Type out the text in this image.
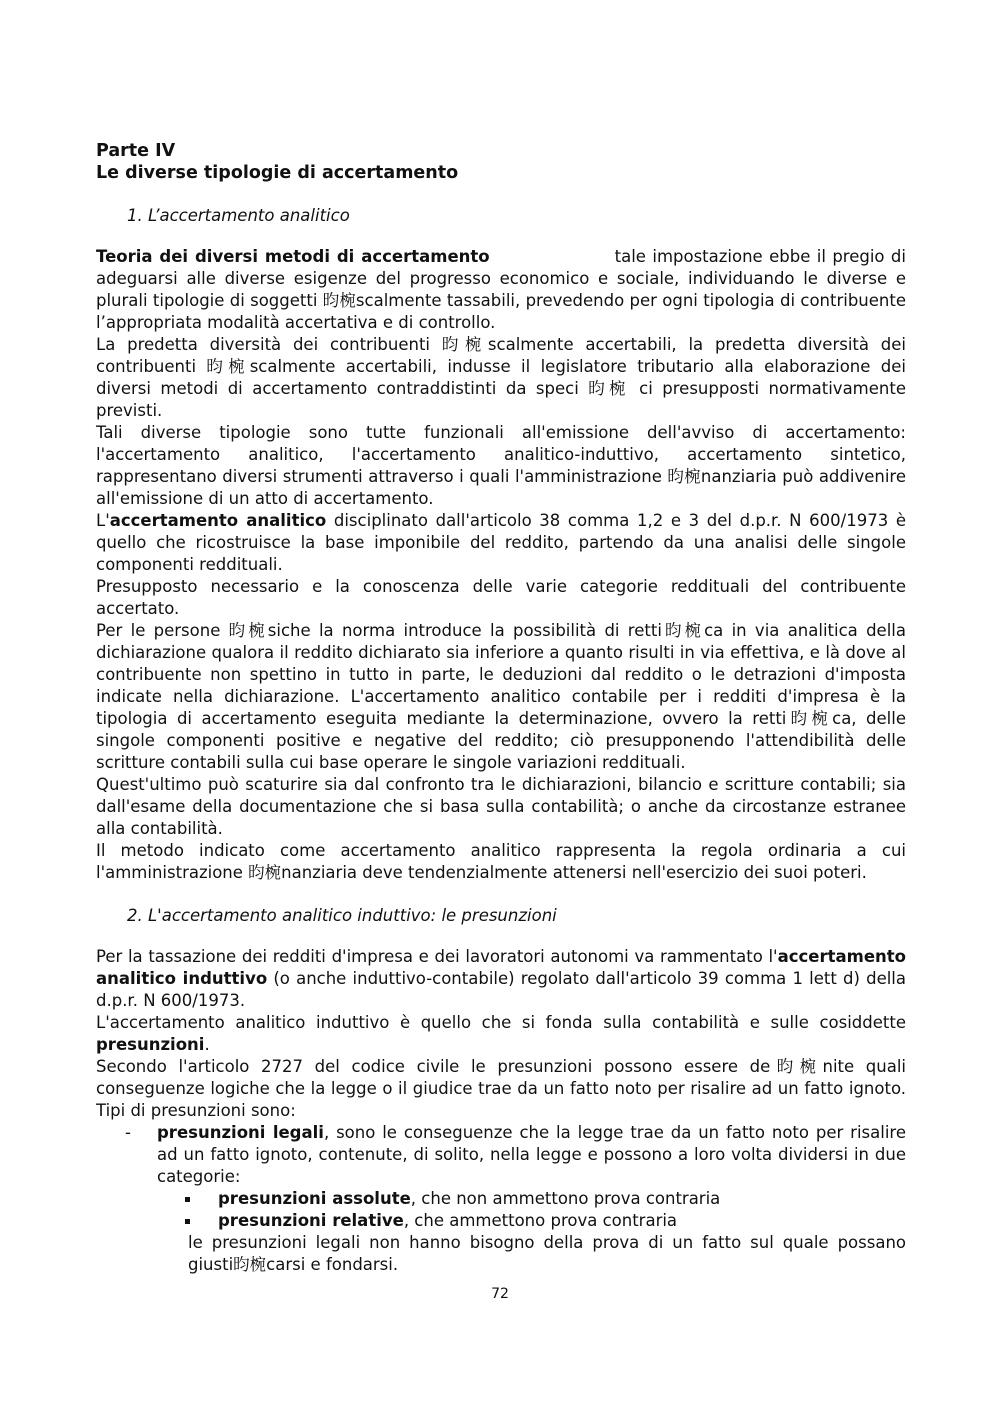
Parte IV

Le diverse tipologie di accertamento

1. L’accertamento analitico

Teoria dei diversi metodi di accertamento	tale impostazione ebbe il pregio di adeguarsi alle diverse esigenze del progresso economico e sociale, individuando le diverse e plurali tipologie di soggetti 昀椀scalmente tassabili, prevedendo per ogni tipologia di contribuente l’appropriata modalità accertativa e di controllo.

La predetta diversità dei contribuenti 昀椀scalmente accertabili, la predetta diversità dei contribuenti 昀椀scalmente accertabili, indusse il legislatore tributario alla elaborazione dei diversi metodi di accertamento contraddistinti da speci 昀椀 ci presupposti normativamente previsti.

Tali diverse tipologie sono tutte funzionali all'emissione dell'avviso di accertamento: l'accertamento analitico, l'accertamento analitico-induttivo, accertamento sintetico, rappresentano diversi strumenti attraverso i quali l'amministrazione 昀椀nanziaria può addivenire all'emissione di un atto di accertamento.

L'accertamento analitico disciplinato dall'articolo 38 comma 1,2 e 3 del d.p.r. N 600/1973 è quello che ricostruisce la base imponibile del reddito, partendo da una analisi delle singole componenti reddituali.

Presupposto necessario e la conoscenza delle varie categorie reddituali del contribuente accertato.

Per le persone 昀椀siche la norma introduce la possibilità di retti昀椀ca in via analitica della dichiarazione qualora il reddito dichiarato sia inferiore a quanto risulti in via effettiva, e là dove al contribuente non spettino in tutto in parte, le deduzioni dal reddito o le detrazioni d'imposta indicate nella dichiarazione. L'accertamento analitico contabile per i redditi d'impresa è la tipologia di accertamento eseguita mediante la determinazione, ovvero la retti昀椀ca, delle singole componenti positive e negative del reddito; ciò presupponendo l'attendibilità delle scritture contabili sulla cui base operare le singole variazioni reddituali.

Quest'ultimo può scaturire sia dal confronto tra le dichiarazioni, bilancio e scritture contabili; sia dall'esame della documentazione che si basa sulla contabilità; o anche da circostanze estranee alla contabilità.

Il metodo indicato come accertamento analitico rappresenta la regola ordinaria a cui l'amministrazione 昀椀nanziaria deve tendenzialmente attenersi nell'esercizio dei suoi poteri.

2. L'accertamento analitico induttivo: le presunzioni

Per la tassazione dei redditi d'impresa e dei lavoratori autonomi va rammentato l'accertamento analitico induttivo (o anche induttivo-contabile) regolato dall'articolo 39 comma 1 lett d) della d.p.r. N 600/1973.

L'accertamento analitico induttivo è quello che si fonda sulla contabilità e sulle cosiddette presunzioni.

Secondo l'articolo 2727 del codice civile le presunzioni possono essere de昀椀nite quali conseguenze logiche che la legge o il giudice trae da un fatto noto per risalire ad un fatto ignoto. Tipi di presunzioni sono:

- presunzioni legali, sono le conseguenze che la legge trae da un fatto noto per risalire ad un fatto ignoto, contenute, di solito, nella legge e possono a loro volta dividersi in due categorie:

presunzioni assolute, che non ammettono prova contraria

presunzioni relative, che ammettono prova contraria

le presunzioni legali non hanno bisogno della prova di un fatto sul quale possano giusti昀椀carsi e fondarsi.

72
